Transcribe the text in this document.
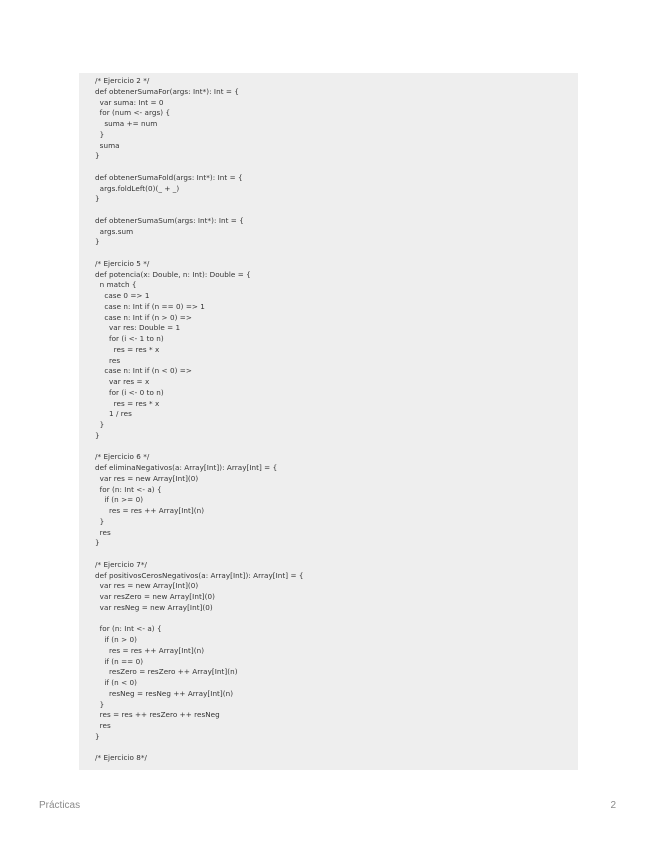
/* Ejercicio 2 */
def obtenerSumaFor(args: Int*): Int = {
var suma: Int = 0
for (num <- args) {
suma += num
}
suma
}
def obtenerSumaFold(args: Int*): Int = {
args.foldLeft(0)(_ + _)
}
def obtenerSumaSum(args: Int*): Int = {
args.sum
}
/* Ejercicio 5 */
def potencia(x: Double, n: Int): Double = {
n match {
case 0 => 1
case n: Int if (n == 0) => 1
case n: Int if (n > 0) =>
var res: Double = 1
for (i <- 1 to n)
res = res * x
res
case n: Int if (n < 0) =>
var res = x
for (i <- 0 to n)
res = res * x
1 / res
}
}
/* Ejercicio 6 */
def eliminaNegativos(a: Array[Int]): Array[Int] = {
var res = new Array[Int](0)
for (n: Int <- a) {
if (n >= 0)
res = res ++ Array[Int](n)
}
res
}
/* Ejercicio 7*/
def positivosCerosNegativos(a: Array[Int]): Array[Int] = {
var res = new Array[Int](0)
var resZero = new Array[Int](0)
var resNeg = new Array[Int](0)
for (n: Int <- a) {
if (n > 0)
res = res ++ Array[Int](n)
if (n == 0)
resZero = resZero ++ Array[Int](n)
if (n < 0)
resNeg = resNeg ++ Array[Int](n)
}
res = res ++ resZero ++ resNeg
res
}
/* Ejercicio 8*/
Prácticas	2
